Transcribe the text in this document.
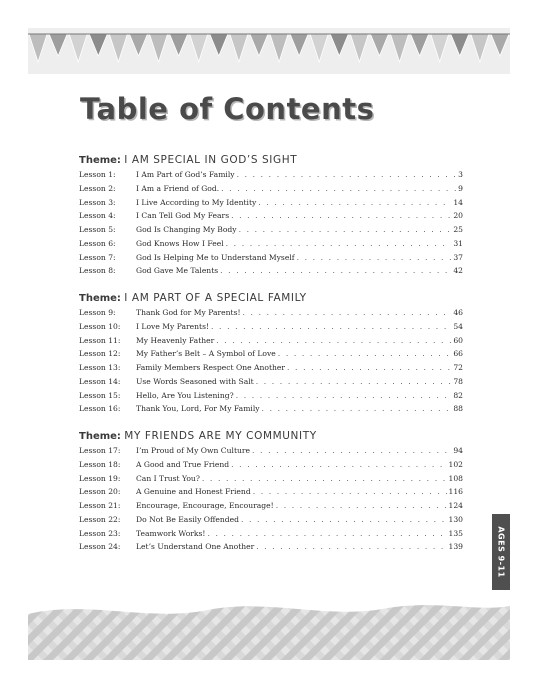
Table of Contents
Theme: I AM SPECIAL IN GOD’S SIGHT
Lesson 1:	I Am Part of God’s Family . . .	3
Lesson 2:	I Am a Friend of God. . . .	9
Lesson 3:	I Live According to My Identity . . .	14
Lesson 4:	I Can Tell God My Fears . . .	20
Lesson 5:	God Is Changing My Body . . .	25
Lesson 6:	God Knows How I Feel . . .	31
Lesson 7:	God Is Helping Me to Understand Myself . . .	37
Lesson 8:	God Gave Me Talents . . .	42
Theme: I AM PART OF A SPECIAL FAMILY
Lesson 9:	Thank God for My Parents! . . .	46
Lesson 10:	I Love My Parents! . . .	54
Lesson 11:	My Heavenly Father . . .	60
Lesson 12:	My Father’s Belt – A Symbol of Love . . .	66
Lesson 13:	Family Members Respect One Another . . .	72
Lesson 14:	Use Words Seasoned with Salt . . .	78
Lesson 15:	Hello, Are You Listening? . . .	82
Lesson 16:	Thank You, Lord, For My Family . . .	88
Theme: MY FRIENDS ARE MY COMMUNITY
Lesson 17:	I’m Proud of My Own Culture . . .	94
Lesson 18:	A Good and True Friend . . .	102
Lesson 19:	Can I Trust You? . . .	108
Lesson 20:	A Genuine and Honest Friend . . .	116
Lesson 21:	Encourage, Encourage, Encourage! . . .	124
Lesson 22:	Do Not Be Easily Offended . . .	130
Lesson 23:	Teamwork Works! . . .	135
Lesson 24:	Let’s Understand One Another . . .	139	AGES 9-11
